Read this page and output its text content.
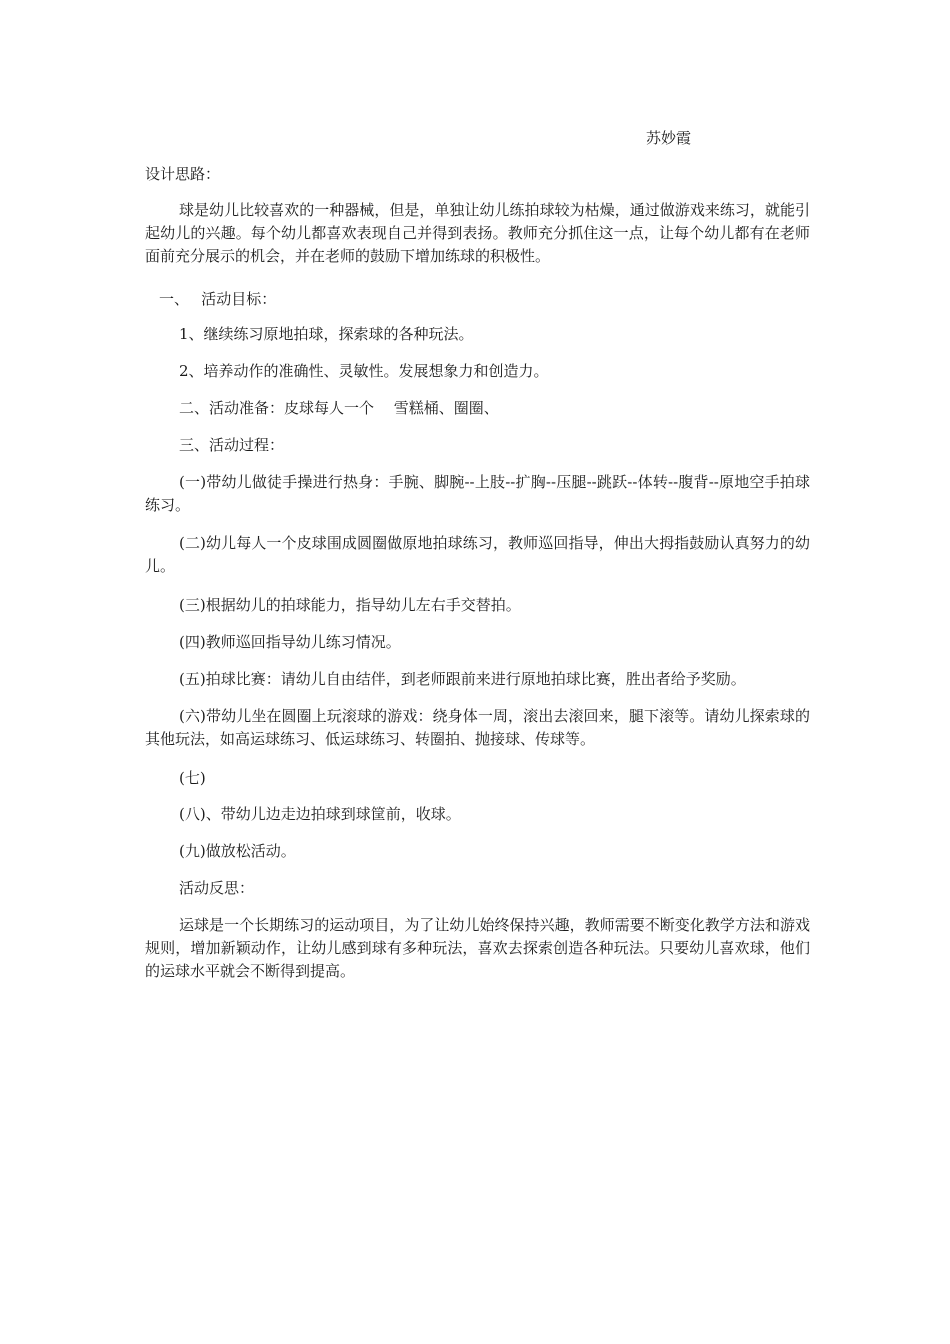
苏妙霞
设计思路：
球是幼儿比较喜欢的一种器械，但是，单独让幼儿练拍球较为枯燥，通过做游戏来练习，就能引起幼儿的兴趣。每个幼儿都喜欢表现自己并得到表扬。教师充分抓住这一点，让每个幼儿都有在老师面前充分展示的机会，并在老师的鼓励下增加练球的积极性。
一、　 活动目标：
1、继续练习原地拍球，探索球的各种玩法。
2、培养动作的准确性、灵敏性。发展想象力和创造力。
二、活动准备：皮球每人一个　 雪糕桶、圈圈、
三、活动过程：
(一)带幼儿做徒手操进行热身：手腕、脚腕--上肢--扩胸--压腿--跳跃--体转--腹背--原地空手拍球练习。
(二)幼儿每人一个皮球围成圆圈做原地拍球练习，教师巡回指导，伸出大拇指鼓励认真努力的幼儿。
(三)根据幼儿的拍球能力，指导幼儿左右手交替拍。
(四)教师巡回指导幼儿练习情况。
(五)拍球比赛：请幼儿自由结伴，到老师跟前来进行原地拍球比赛，胜出者给予奖励。
(六)带幼儿坐在圆圈上玩滚球的游戏：绕身体一周，滚出去滚回来，腿下滚等。请幼儿探索球的其他玩法，如高运球练习、低运球练习、转圈拍、抛接球、传球等。
(七)
(八)、带幼儿边走边拍球到球筐前，收球。
(九)做放松活动。
活动反思：
运球是一个长期练习的运动项目，为了让幼儿始终保持兴趣，教师需要不断变化教学方法和游戏规则，增加新颖动作，让幼儿感到球有多种玩法，喜欢去探索创造各种玩法。只要幼儿喜欢球，他们的运球水平就会不断得到提高。
